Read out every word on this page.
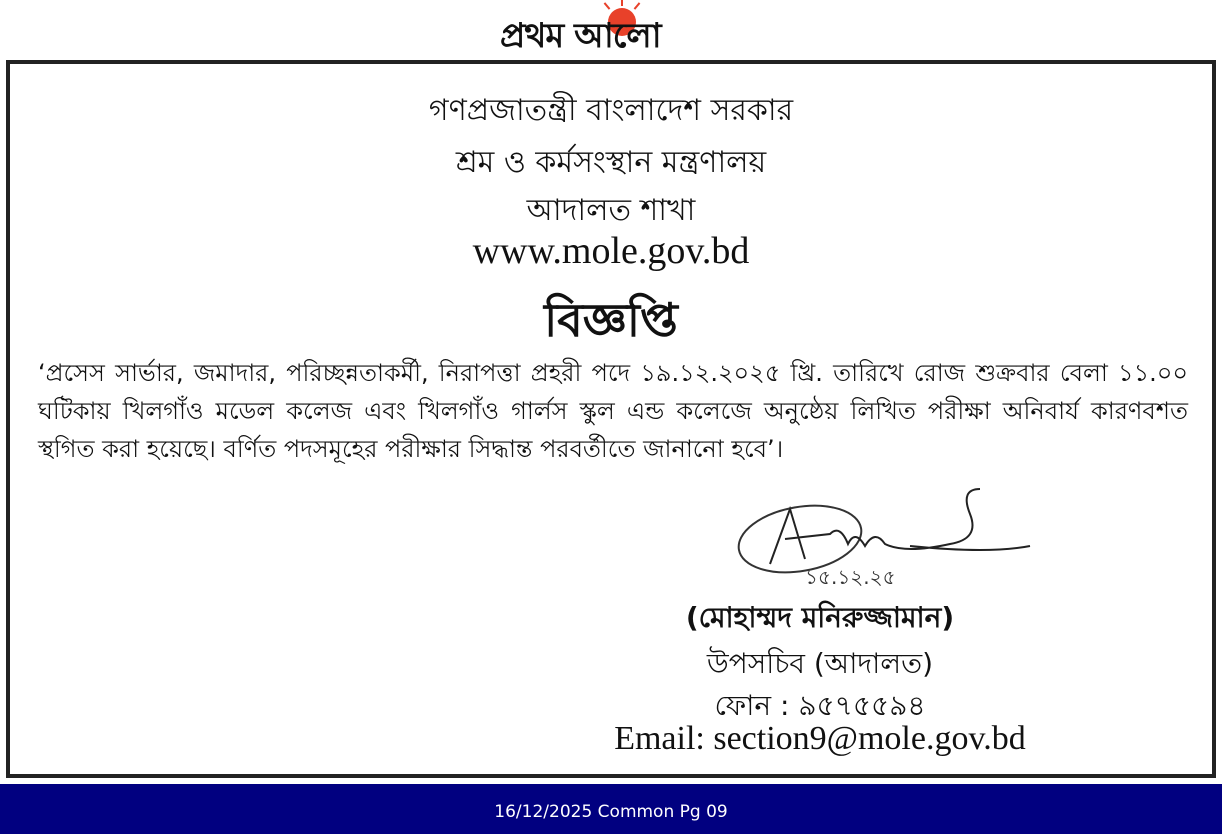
প্রথম আলো
গণপ্রজাতন্ত্রী বাংলাদেশ সরকার
শ্রম ও কর্মসংস্থান মন্ত্রণালয়
আদালত শাখা
www.mole.gov.bd
বিজ্ঞপ্তি
‘প্রসেস সার্ভার, জমাদার, পরিচ্ছন্নতাকর্মী, নিরাপত্তা প্রহরী পদে ১৯.১২.২০২৫ খ্রি. তারিখে রোজ শুক্রবার বেলা ১১.০০ ঘটিকায় খিলগাঁও মডেল কলেজ এবং খিলগাঁও গার্লস স্কুল এন্ড কলেজে অনুষ্ঠেয় লিখিত পরীক্ষা অনিবার্য কারণবশত স্থগিত করা হয়েছে। বর্ণিত পদসমূহের পরীক্ষার সিদ্ধান্ত পরবর্তীতে জানানো হবে’।
১৫.১২.২৫
(মোহাম্মদ মনিরুজ্জামান)
উপসচিব (আদালত)
ফোন : ৯৫৭৫৫৯৪
Email: section9@mole.gov.bd
16/12/2025 Common Pg 09
